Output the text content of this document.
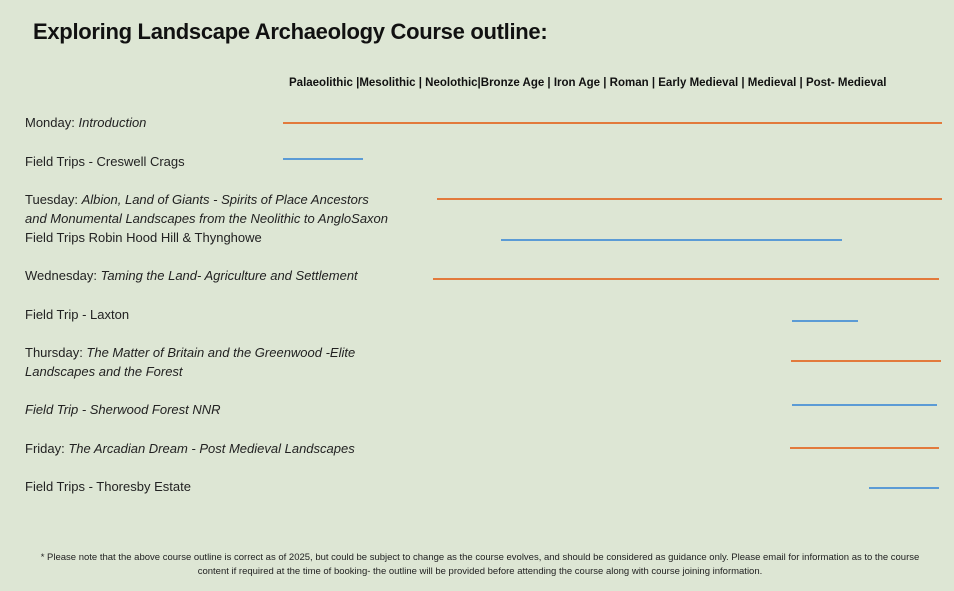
Exploring Landscape Archaeology Course outline:
Palaeolithic |Mesolithic | Neolothic|Bronze Age | Iron Age | Roman | Early Medieval | Medieval | Post- Medieval
Monday: Introduction
Field Trips - Creswell Crags
Tuesday: Albion, Land of Giants - Spirits of Place Ancestors
and Monumental Landscapes from the Neolithic to AngloSaxon
Field Trips Robin Hood Hill & Thynghowe
Wednesday: Taming the Land- Agriculture and Settlement
Field Trip - Laxton
Thursday: The Matter of Britain and the Greenwood -Elite
Landscapes and the Forest
Field Trip - Sherwood Forest NNR
Friday: The Arcadian Dream - Post Medieval Landscapes
Field Trips - Thoresby Estate
* Please note that the above course outline is correct as of 2025, but could be subject to change as the course evolves, and should be considered as guidance only. Please email for information as to the course content if required at the time of booking- the outline will be provided before attending the course along with course joining information.
